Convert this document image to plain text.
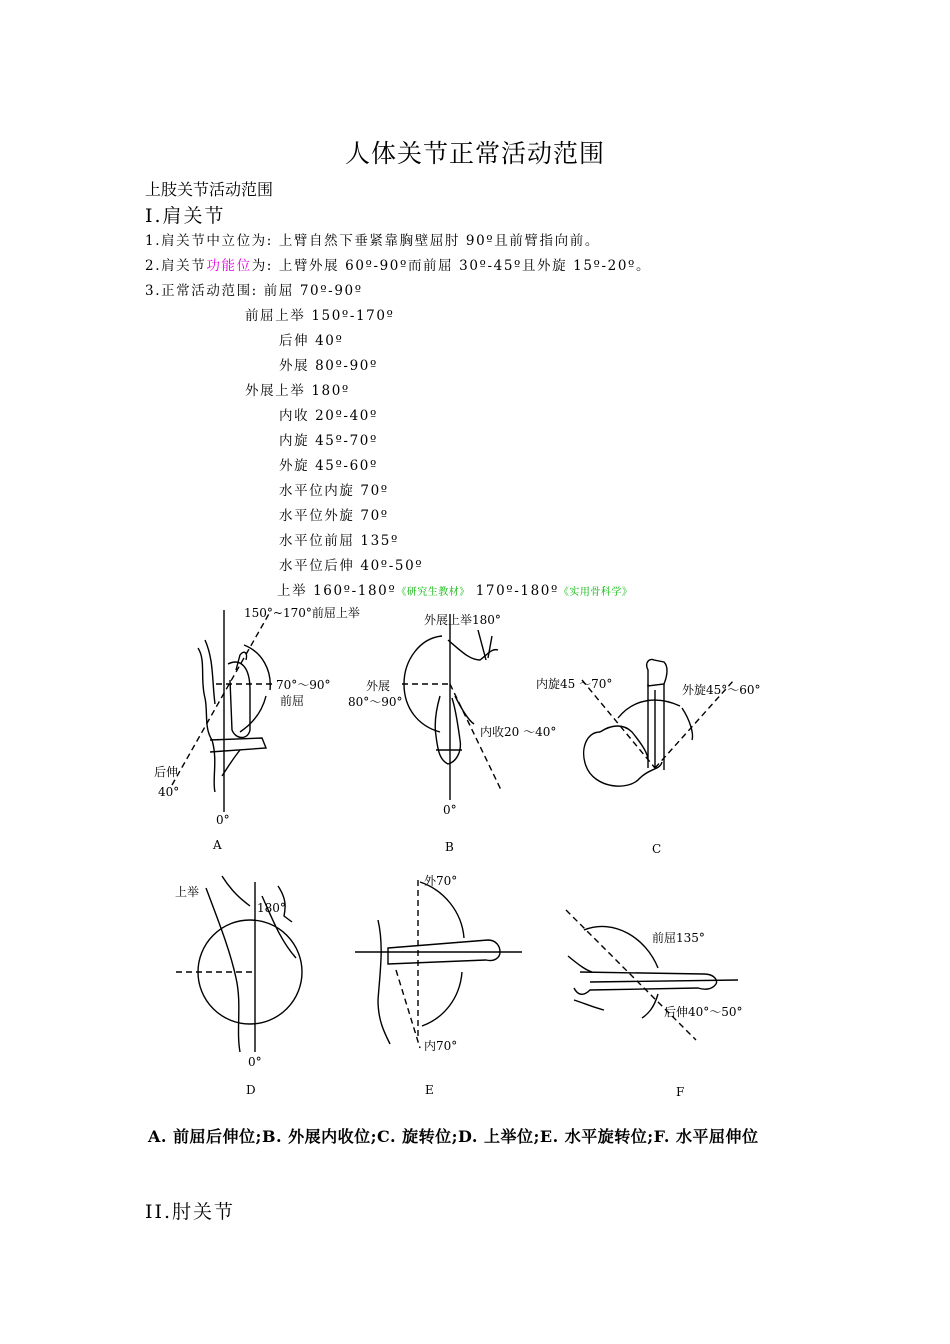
人体关节正常活动范围
上肢关节活动范围
I.肩关节
1.肩关节中立位为: 上臂自然下垂紧靠胸壁屈肘 90º且前臂指向前。
2.肩关节功能位为: 上臂外展 60º-90º而前屈 30º-45º且外旋 15º-20º。
3.正常活动范围: 前屈 70º-90º
前屈上举 150º-170º
后伸 40º
外展 80º-90º
外展上举 180º
内收 20º-40º
内旋 45º-70º
外旋 45º-60º
水平位内旋 70º
水平位外旋 70º
水平位前屈 135º
水平位后伸 40º-50º
上举 160º-180º《研究生教材》 170º-180º《实用骨科学》
150°~170°前屈上举
70°～90°
前屈
后伸
40°
0°
A
外展上举180°
外展
80°～90°
内收20 ～40°
0°
B
内旋45 ～70°	外旋45°～60°
C
上举
180°
0°
D
外70°
内70°
E
前屈135°
后伸40°～50°
F
A. 前屈后伸位;B. 外展内收位;C. 旋转位;D. 上举位;E. 水平旋转位;F. 水平屈伸位
II.肘关节
